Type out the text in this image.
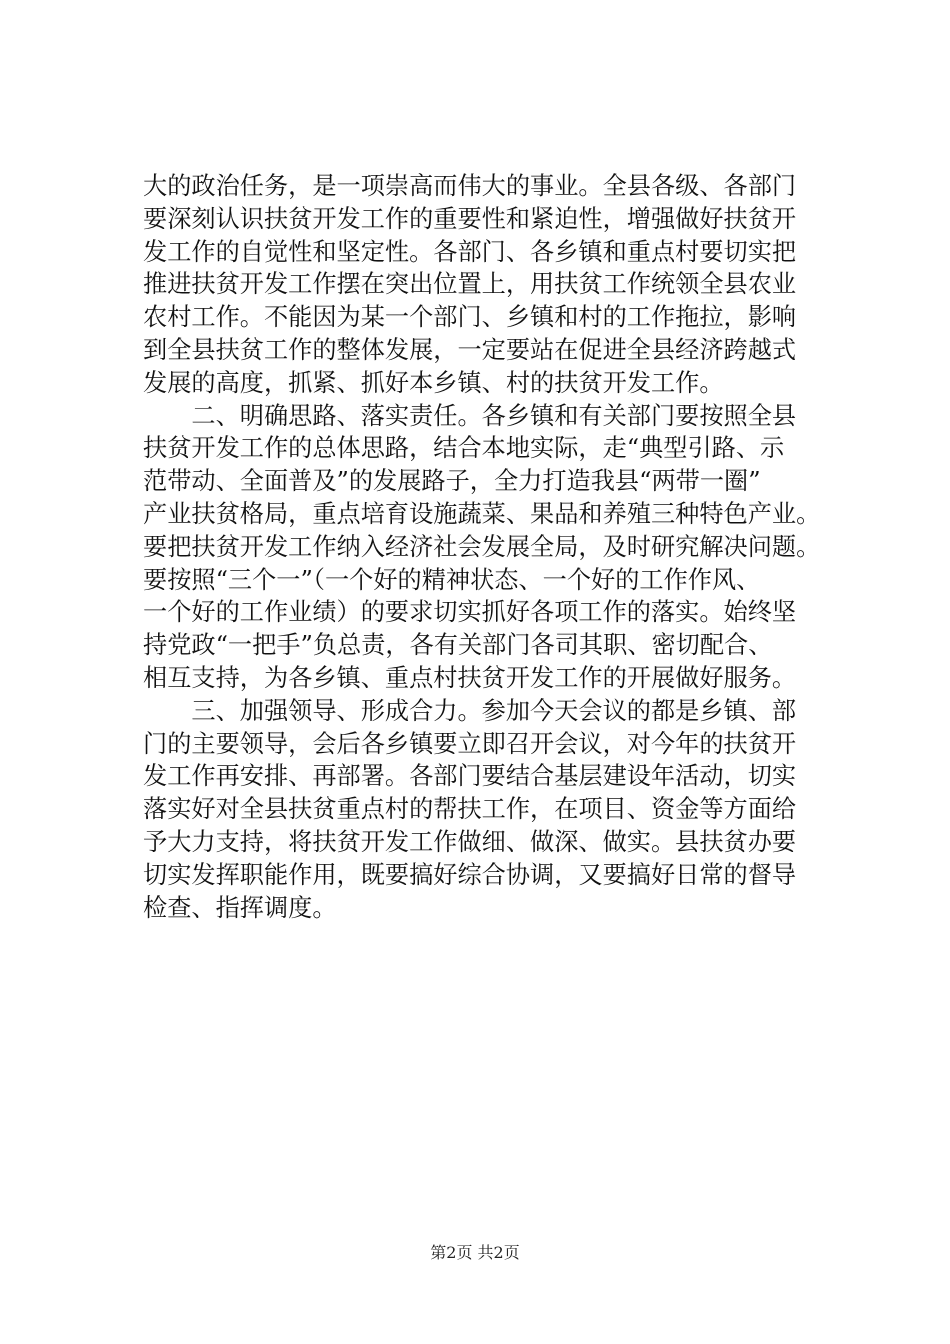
大的政治任务，是一项崇高而伟大的事业。全县各级、各部门
要深刻认识扶贫开发工作的重要性和紧迫性，增强做好扶贫开
发工作的自觉性和坚定性。各部门、各乡镇和重点村要切实把
推进扶贫开发工作摆在突出位置上，用扶贫工作统领全县农业
农村工作。不能因为某一个部门、乡镇和村的工作拖拉，影响
到全县扶贫工作的整体发展，一定要站在促进全县经济跨越式
发展的高度，抓紧、抓好本乡镇、村的扶贫开发工作。
　　二、明确思路、落实责任。各乡镇和有关部门要按照全县
扶贫开发工作的总体思路，结合本地实际，走“典型引路、示
范带动、全面普及”的发展路子，全力打造我县“两带一圈”
产业扶贫格局，重点培育设施蔬菜、果品和养殖三种特色产业。
要把扶贫开发工作纳入经济社会发展全局，及时研究解决问题。
要按照“三个一”（一个好的精神状态、一个好的工作作风、
一个好的工作业绩）的要求切实抓好各项工作的落实。始终坚
持党政“一把手”负总责，各有关部门各司其职、密切配合、
相互支持，为各乡镇、重点村扶贫开发工作的开展做好服务。
　　三、加强领导、形成合力。参加今天会议的都是乡镇、部
门的主要领导，会后各乡镇要立即召开会议，对今年的扶贫开
发工作再安排、再部署。各部门要结合基层建设年活动，切实
落实好对全县扶贫重点村的帮扶工作，在项目、资金等方面给
予大力支持，将扶贫开发工作做细、做深、做实。县扶贫办要
切实发挥职能作用，既要搞好综合协调，又要搞好日常的督导
检查、指挥调度。
第2页 共2页
